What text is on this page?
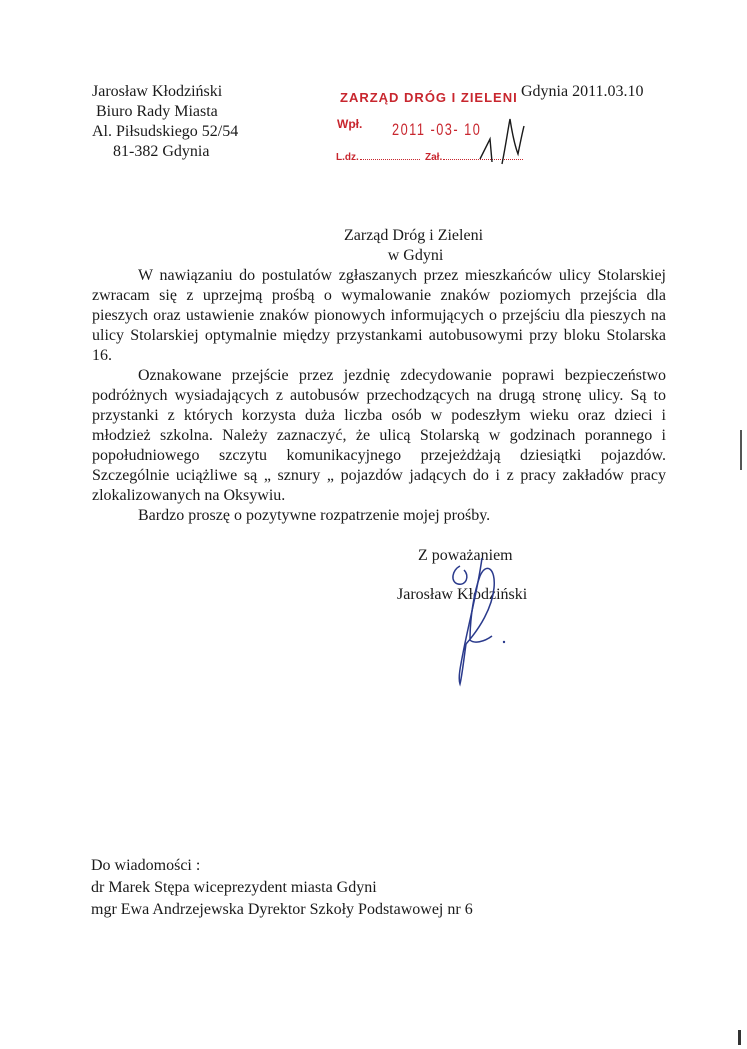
Jarosław Kłodziński
Biuro Rady Miasta
Al. Piłsudskiego 52/54
81-382 Gdynia
Gdynia 2011.03.10
ZARZĄD DRÓG I ZIELENI
Wpł. 2011 -03- 10
L.dz.	Zał.
Zarząd Dróg i Zieleni
w Gdyni

W nawiązaniu do postulatów zgłaszanych przez mieszkańców ulicy Stolarskiej zwracam się z uprzejmą prośbą o wymalowanie znaków poziomych przejścia dla pieszych oraz ustawienie znaków pionowych informujących o przejściu dla pieszych na ulicy Stolarskiej optymalnie między przystankami autobusowymi przy bloku Stolarska 16.

Oznakowane przejście przez jezdnię zdecydowanie poprawi bezpieczeństwo podróżnych wysiadających z autobusów przechodzących na drugą stronę ulicy. Są to przystanki z których korzysta duża liczba osób w podeszłym wieku oraz dzieci i młodzież szkolna. Należy zaznaczyć, że ulicą Stolarską w godzinach porannego i popołudniowego szczytu komunikacyjnego przejeżdżają dziesiątki pojazdów. Szczególnie uciążliwe są „ sznury „ pojazdów jadących do i z pracy zakładów pracy zlokalizowanych na Oksywiu.

Bardzo proszę o pozytywne rozpatrzenie mojej prośby.

Z poważaniem
Jarosław Kłodziński
Do wiadomości :
dr Marek Stępa wiceprezydent miasta Gdyni
mgr Ewa Andrzejewska Dyrektor Szkoły Podstawowej nr 6
